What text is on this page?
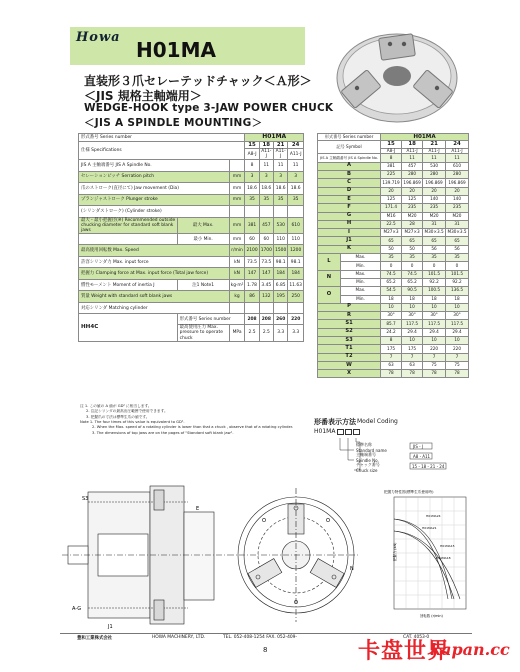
Howa
H01MA
直装形３爪セレーテッドチャック＜Ａ形＞
＜JIS 規格主軸端用＞
WEDGE-HOOK type 3-JAW POWER CHUCK
＜JIS A SPINDLE MOUNTING＞
形式番号 Series number			H01MA			
仕様 Specifications			15	18	21	24
			A8-J	A11-J	A11-J	A11-J
JIS A 主軸端番号 JIS A Spindle No.			8	11	11	11
セレーションピッチ Serration pitch		mm	3	3	3	3
爪のストローク(直径にて) Jaw movement (Dia)		mm	18.6	18.6	18.6	18.6
プランジャストローク Plunger stroke		mm	35	35	35	35
(シリンダストローク) (Cylinder stroke)						
最大・最小把握径(※) Recommended outside chucking diameter for standard soft blank jaws	最大 Max.	mm	381	457	530	610
	最小 Min.	mm	60	60	110	110
最高使用回転数 Max. Speed		r/min	2100	1700	1500	1200
許容シリンダ力 Max. input force		kN	73.5	73.5	98.1	98.1
把握力 Clamping force at Max. input force (Total jaw force)		kN	147	147	184	184
慣性モーメント Moment of inertia J	注1 Note1	kg·m²	1.78	3.45	6.85	11.63
質量 Weight with standard soft blank jaws		kg	86	132	195	250
対応シリンダ Matching cylinder						
HH4C	形式番号 Series number		208	208	260	220
	最高使用圧力 Max. pressure to operate chuck	MPa	2.5	2.5	3.3	3.3
形式番号 Series number		H01MA			
記号 Symbol		15	18	21	24
		A8-J	A11-J	A11-J	A11-J
JIS A 主軸端番号 JIS A Spindle No.		8	11	11	11
A		381	457	530	610
B		225	280	280	280
C		139.719	196.869	196.869	196.869
D		20	20	20	20
E		125	125	140	140
F		171.4	235	235	235
G		M16	M20	M20	M20
H		22.5	28	31	31
I		M27×3	M27×3	M30×3.5	M30×3.5
J1		65	65	65	65
K		50	50	56	56
L	Max.	35	35	35	35
	Min.	0	0	0	0
N	Max.	74.5	74.5	101.5	101.5
	Min.	65.2	65.2	92.2	92.2
O	Max.	54.5	90.5	100.5	136.5
	Min.	18	18	18	18
P		10	10	10	10
R		30°	30°	30°	30°
S1		85.7	117.5	117.5	117.5
S2		24.2	29.4	29.4	29.4
S3		8	10	10	10
T1		175	175	220	220
T2		7	7	7	7
W		63	63	75	75
X		78	78	78	78
注 1. この値の A 値が GD² に相当します。
2. 注記シリンダの最高出圧範囲で使用できます。
3. 把握爪の寸法は標準生爪の値です。
Note 1. The four times of this value is equivalent to GD².
2. When the Max. speed of a rotating cylinder is lower than that a chuck , observe that of a rotating cylinder.
3. The dimensions of top jaws are on the pages of "Standard soft blank jaw".
形番表示方法 Model Coding
H01MA
標準名称
Standard name
JIS - J
主軸端番号
Spindle No.
A8・A11
チャック番号
Chuck size
15・18・21・24
S3
E
A-G
J1
N
把握力特性図(標準生爪使用時)
H01MA24
H01MA21
H01MA15
H01MA18
回転数 (r/min)
把握力 (kN)
豊和工業株式会社	HOWA MACHINERY, LTD.	TEL. 052-408-1254 FAX. 052-409-	CAT. 4053-0
8	卡盘世界
kapan.cc
